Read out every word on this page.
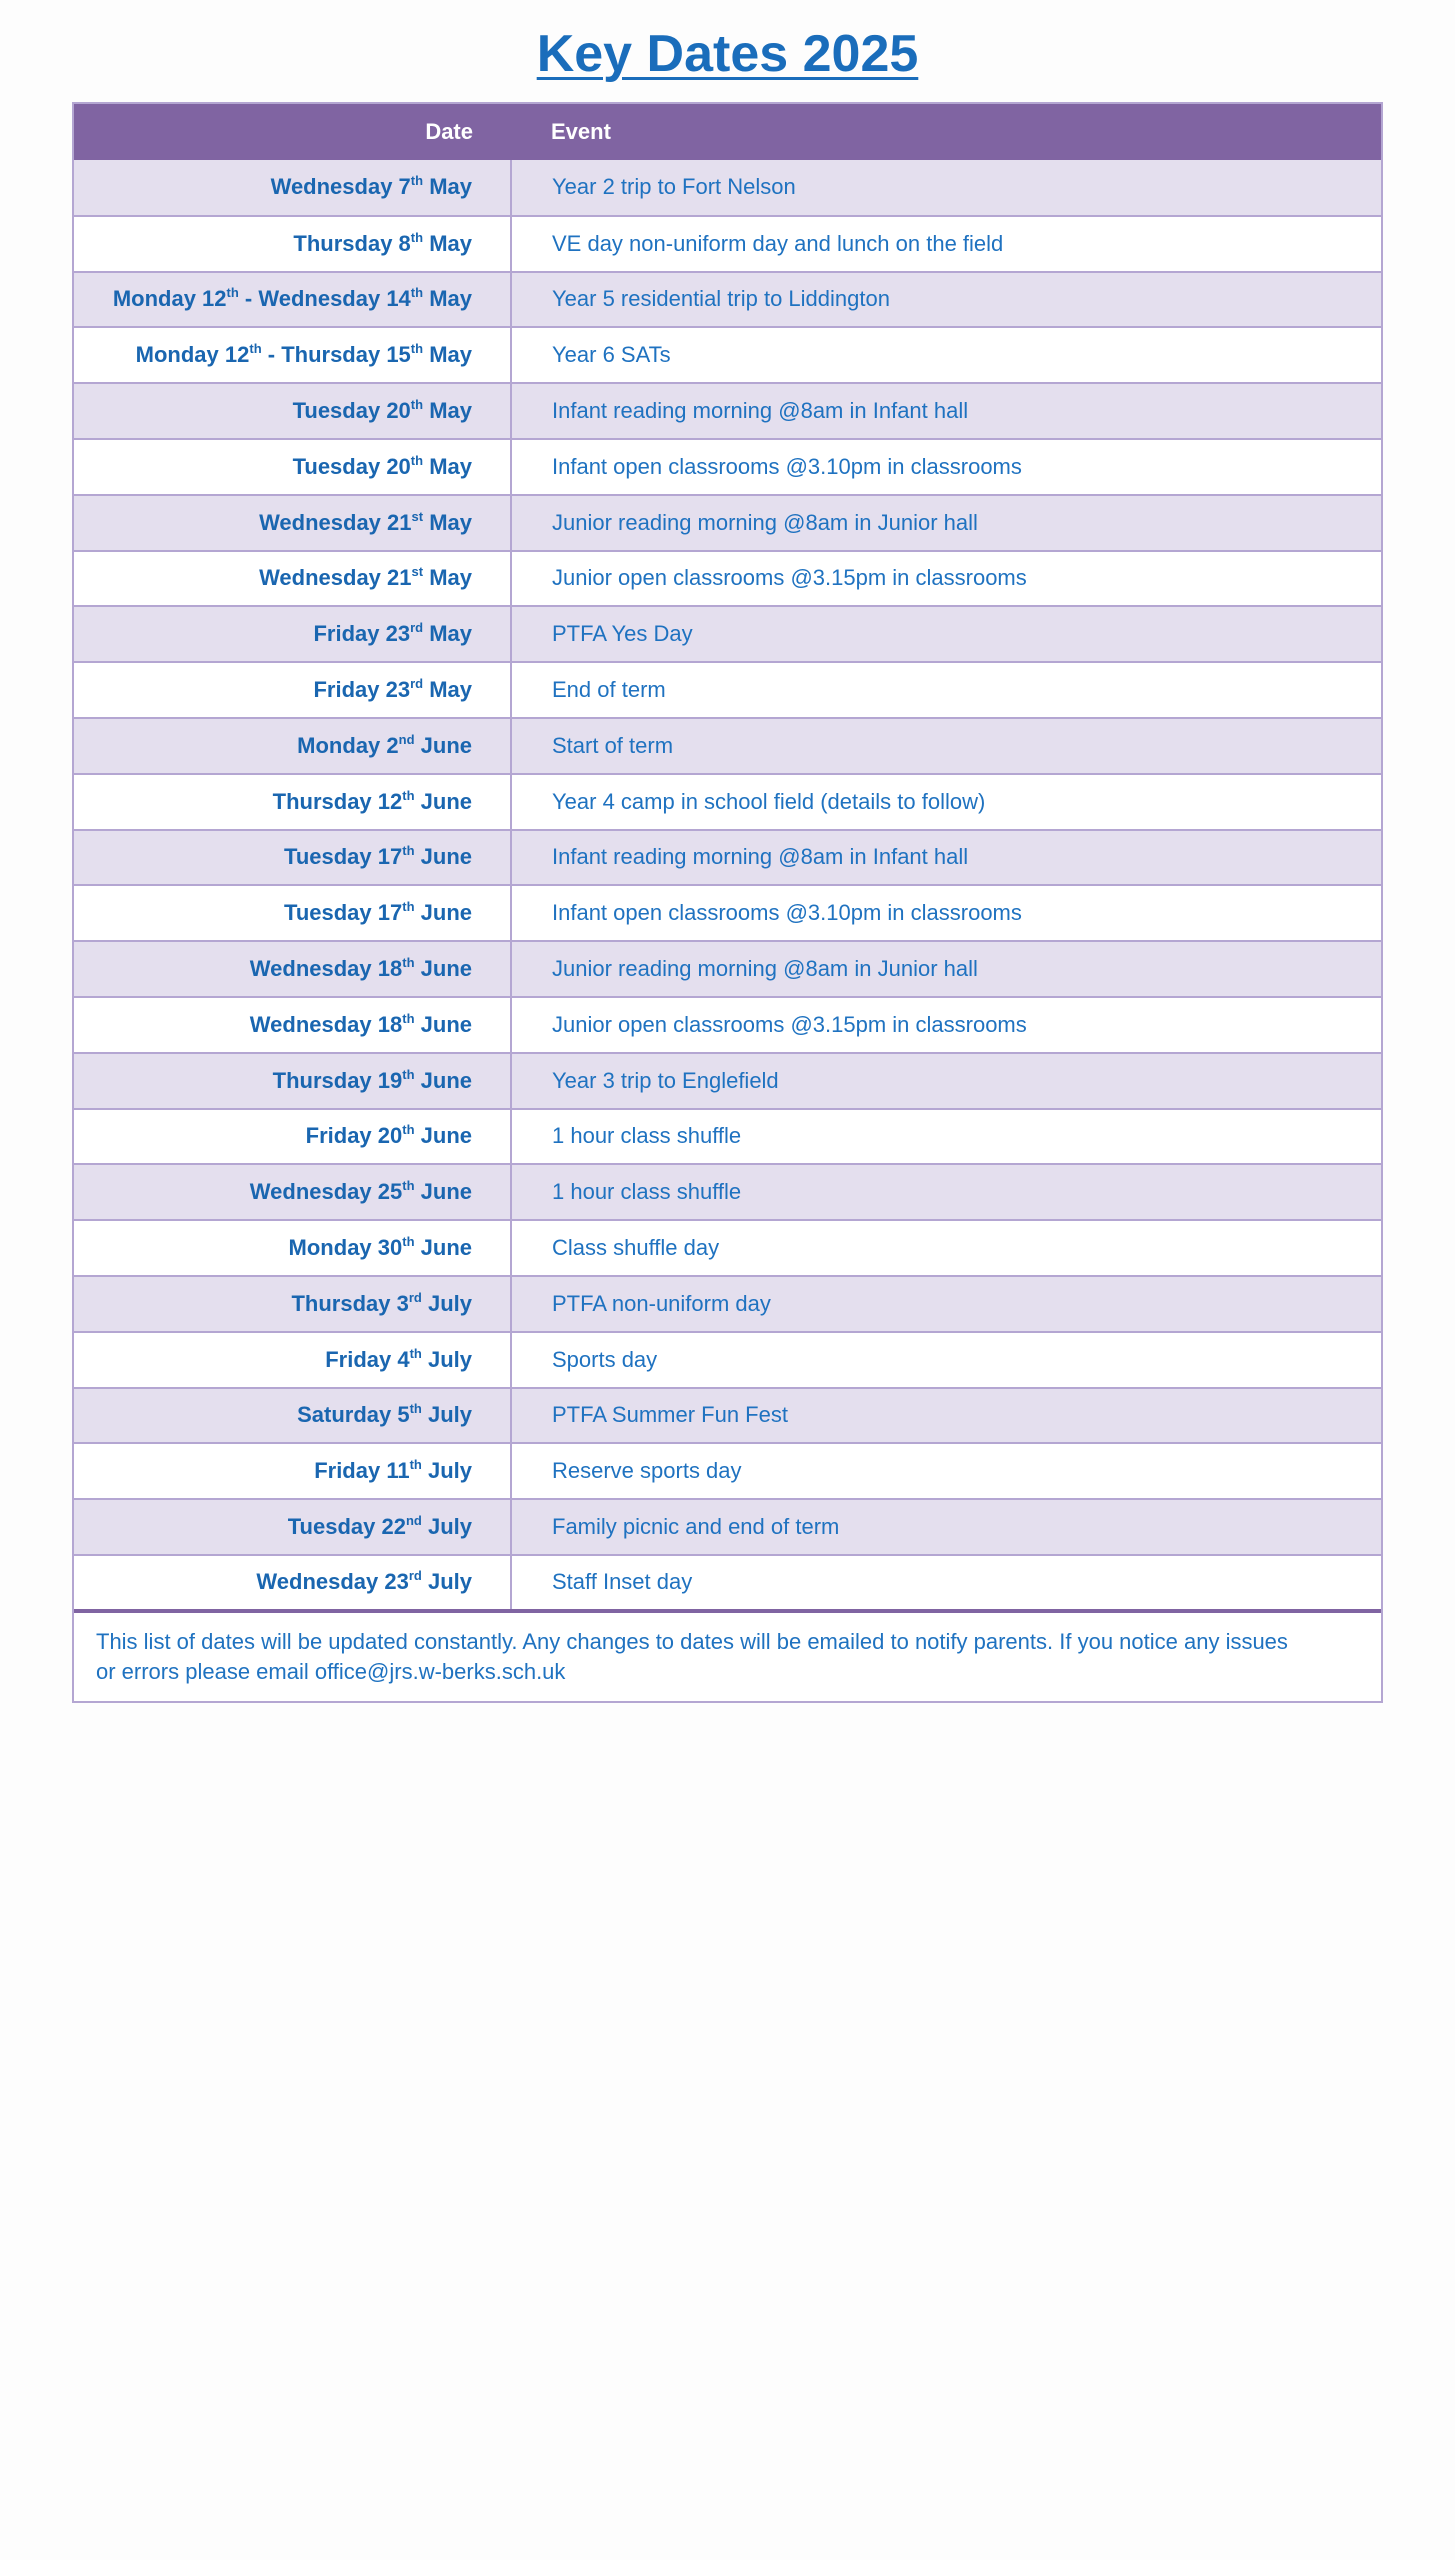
Key Dates 2025
Date	Event
Wednesday 7th May	Year 2 trip to Fort Nelson
Thursday 8th May	VE day non-uniform day and lunch on the field
Monday 12th - Wednesday 14th May	Year 5 residential trip to Liddington
Monday 12th - Thursday 15th May	Year 6 SATs
Tuesday 20th May	Infant reading morning @8am in Infant hall
Tuesday 20th May	Infant open classrooms @3.10pm in classrooms
Wednesday 21st May	Junior reading morning @8am in Junior hall
Wednesday 21st May	Junior open classrooms @3.15pm in classrooms
Friday 23rd May	PTFA Yes Day
Friday 23rd May	End of term
Monday 2nd June	Start of term
Thursday 12th June	Year 4 camp in school field (details to follow)
Tuesday 17th June	Infant reading morning @8am in Infant hall
Tuesday 17th June	Infant open classrooms @3.10pm in classrooms
Wednesday 18th June	Junior reading morning @8am in Junior hall
Wednesday 18th June	Junior open classrooms @3.15pm in classrooms
Thursday 19th June	Year 3 trip to Englefield
Friday 20th June	1 hour class shuffle
Wednesday 25th June	1 hour class shuffle
Monday 30th June	Class shuffle day
Thursday 3rd July	PTFA non-uniform day
Friday 4th July	Sports day
Saturday 5th July	PTFA Summer Fun Fest
Friday 11th July	Reserve sports day
Tuesday 22nd July	Family picnic and end of term
Wednesday 23rd July	Staff Inset day
This list of dates will be updated constantly. Any changes to dates will be emailed to notify parents. If you notice any issues
or errors please email office@jrs.w-berks.sch.uk
